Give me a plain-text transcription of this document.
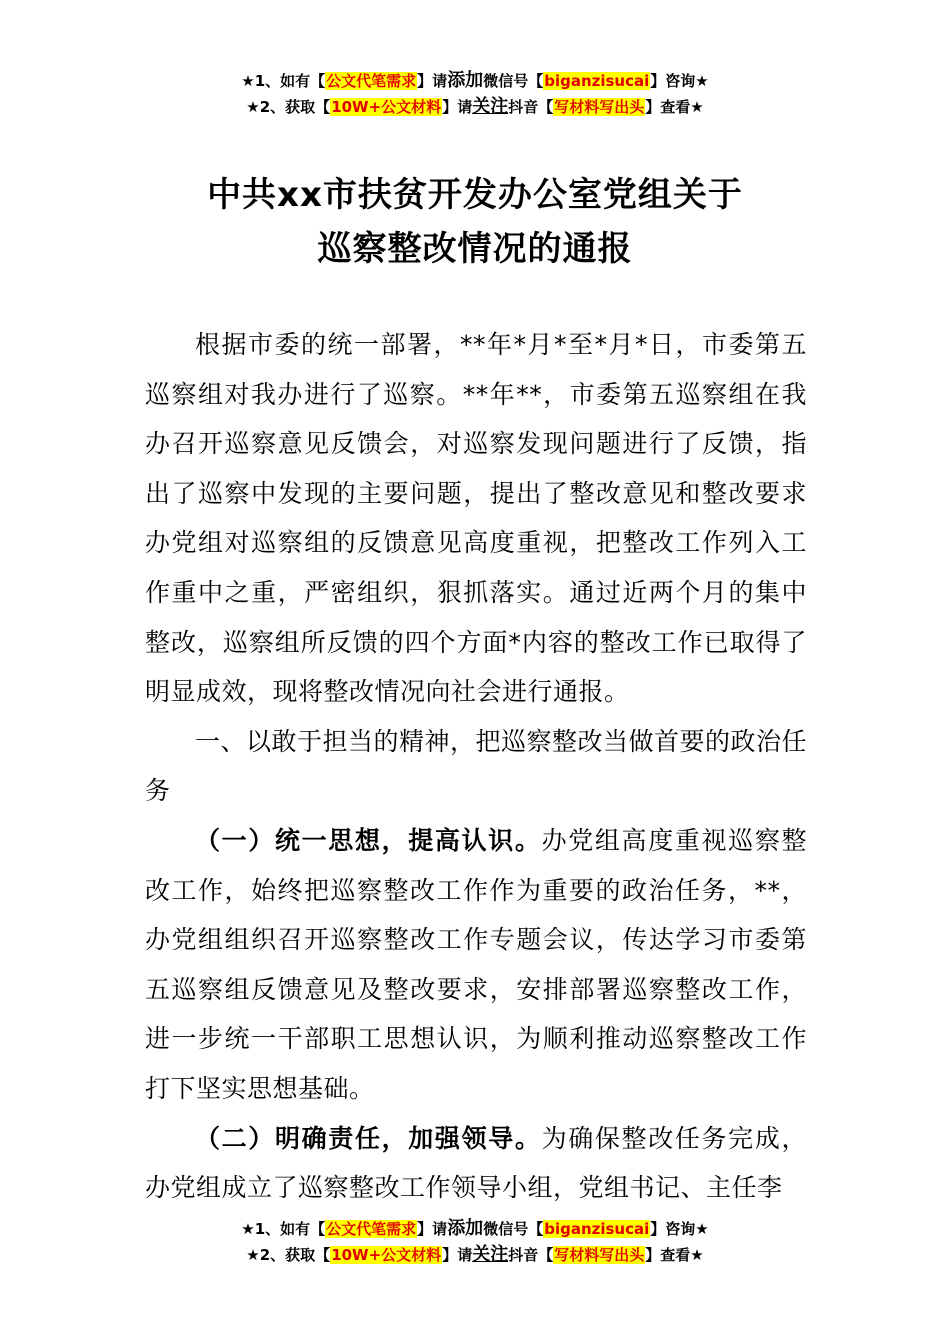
★1、如有【公文代笔需求】请添加微信号【biganzisucai】咨询★
★2、获取【10W+公文材料】请关注抖音【写材料写出头】查看★
中共xx市扶贫开发办公室党组关于
巡察整改情况的通报

根据市委的统一部署，**年*月*至*月*日，市委第五巡察组对我办进行了巡察。**年**，市委第五巡察组在我办召开巡察意见反馈会，对巡察发现问题进行了反馈，指出了巡察中发现的主要问题，提出了整改意见和整改要求办党组对巡察组的反馈意见高度重视，把整改工作列入工作重中之重，严密组织，狠抓落实。通过近两个月的集中整改，巡察组所反馈的四个方面*内容的整改工作已取得了明显成效，现将整改情况向社会进行通报。

一、以敢于担当的精神，把巡察整改当做首要的政治任务

（一）统一思想，提高认识。办党组高度重视巡察整改工作，始终把巡察整改工作作为重要的政治任务，**，办党组组织召开巡察整改工作专题会议，传达学习市委第五巡察组反馈意见及整改要求，安排部署巡察整改工作，进一步统一干部职工思想认识，为顺利推动巡察整改工作打下坚实思想基础。

（二）明确责任，加强领导。为确保整改任务完成，办党组成立了巡察整改工作领导小组，党组书记、主任李

★1、如有【公文代笔需求】请添加微信号【biganzisucai】咨询★
★2、获取【10W+公文材料】请关注抖音【写材料写出头】查看★
